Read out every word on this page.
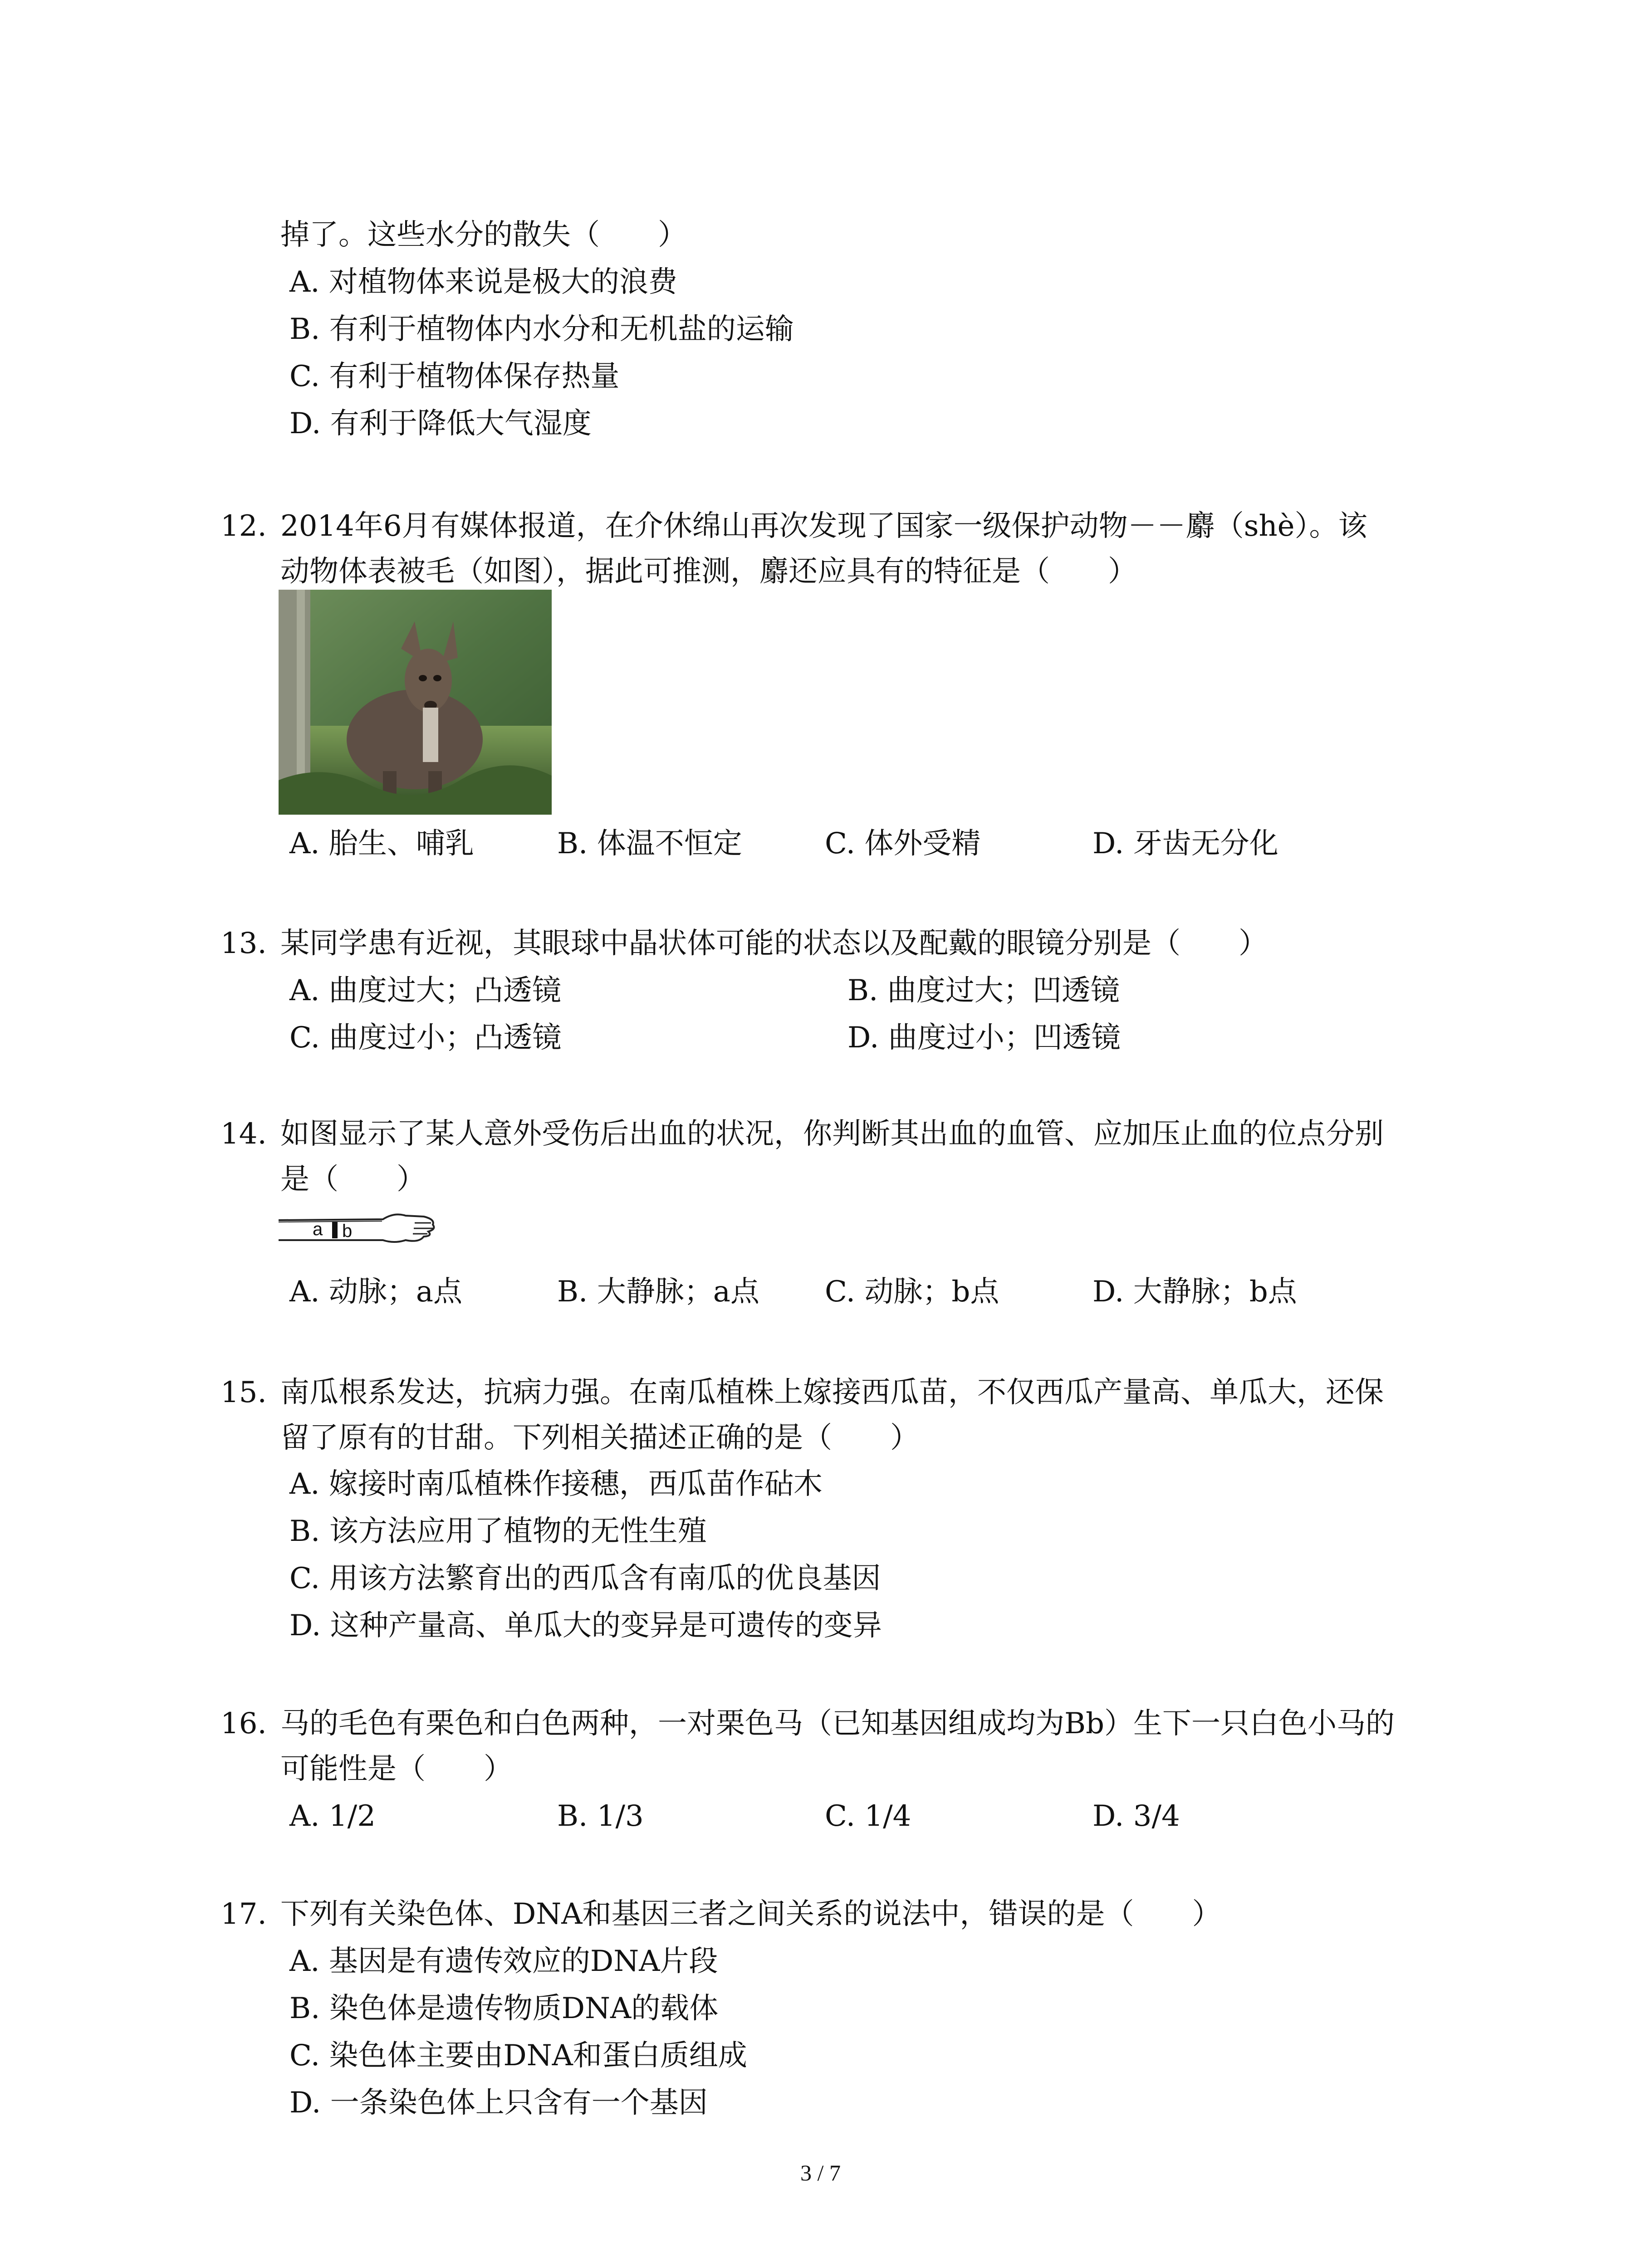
掉了。这些水分的散失（　　）
A. 对植物体来说是极大的浪费
B. 有利于植物体内水分和无机盐的运输
C. 有利于植物体保存热量
D. 有利于降低大气湿度
12. 2014年6月有媒体报道，在介休绵山再次发现了国家一级保护动物－－麝（shè）。该
动物体表被毛（如图），据此可推测，麝还应具有的特征是（　　）
A. 胎生、哺乳	B. 体温不恒定	C. 体外受精	D. 牙齿无分化
13. 某同学患有近视，其眼球中晶状体可能的状态以及配戴的眼镜分别是（　　）
A. 曲度过大；凸透镜	B. 曲度过大；凹透镜
C. 曲度过小；凸透镜	D. 曲度过小；凹透镜
14. 如图显示了某人意外受伤后出血的状况，你判断其出血的血管、应加压止血的位点分别
是（　　）
a b
A. 动脉；a点	B. 大静脉；a点 C. 动脉；b点	D. 大静脉；b点
15. 南瓜根系发达，抗病力强。在南瓜植株上嫁接西瓜苗，不仅西瓜产量高、单瓜大，还保
留了原有的甘甜。下列相关描述正确的是（　　）
A. 嫁接时南瓜植株作接穗，西瓜苗作砧木
B. 该方法应用了植物的无性生殖
C. 用该方法繁育出的西瓜含有南瓜的优良基因
D. 这种产量高、单瓜大的变异是可遗传的变异
16. 马的毛色有栗色和白色两种，一对栗色马（已知基因组成均为Bb）生下一只白色小马的
可能性是（　　）
A. 1/2	B. 1/3	C. 1/4	D. 3/4
17. 下列有关染色体、DNA和基因三者之间关系的说法中，错误的是（　　）
A. 基因是有遗传效应的DNA片段
B. 染色体是遗传物质DNA的载体
C. 染色体主要由DNA和蛋白质组成
D. 一条染色体上只含有一个基因
3 / 7
